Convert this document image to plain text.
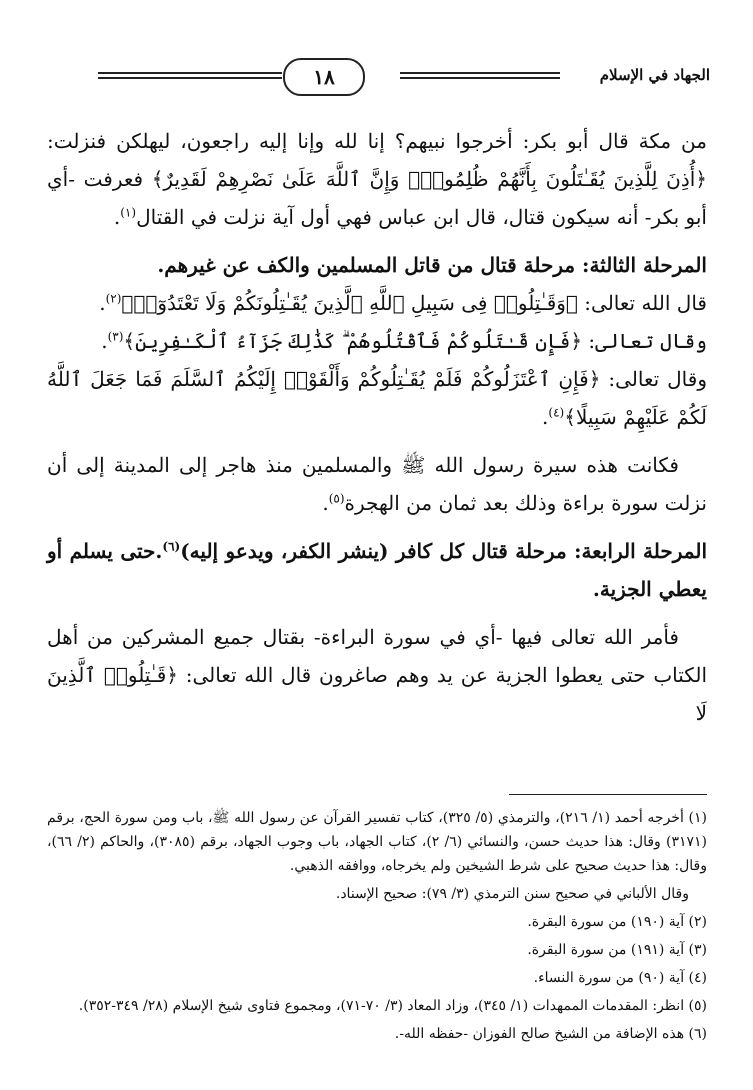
الجهاد في الإسلام
١٨

من مكة قال أبو بكر: أخرجوا نبيهم؟ إنا لله وإنا إليه راجعون، ليهلكن فنزلت: ﴿أُذِنَ لِلَّذِينَ يُقَـٰتَلُونَ بِأَنَّهُمْ ظُلِمُوا۟ۚ وَإِنَّ ٱللَّهَ عَلَىٰ نَصْرِهِمْ لَقَدِيرٌ﴾ فعرفت -أي أبو بكر- أنه سيكون قتال، قال ابن عباس فهي أول آية نزلت في القتال$^{(١)}$.

المرحلة الثالثة: مرحلة قتال من قاتل المسلمين والكف عن غيرهم.

قال الله تعالى: ﴿وَقَـٰتِلُوا۟ فِى سَبِيلِ ٱللَّهِ ٱلَّذِينَ يُقَـٰتِلُونَكُمْ وَلَا تَعْتَدُوٓا۟﴾$^{(٢)}$.

وقال تعالى: ﴿فَإِن قَـٰتَلُوكُمْ فَٱقْتُلُوهُمْ ۗ كَذَٰلِكَ جَزَآءُ ٱلْكَـٰفِرِينَ﴾$^{(٣)}$.

وقال تعالى: ﴿فَإِنِ ٱعْتَزَلُوكُمْ فَلَمْ يُقَـٰتِلُوكُمْ وَأَلْقَوْا۟ إِلَيْكُمُ ٱلسَّلَمَ فَمَا جَعَلَ ٱللَّهُ لَكُمْ عَلَيْهِمْ سَبِيلًا﴾$^{(٤)}$.

فكانت هذه سيرة رسول الله ﷺ والمسلمين منذ هاجر إلى المدينة إلى أن نزلت سورة براءة وذلك بعد ثمان من الهجرة$^{(٥)}$.

المرحلة الرابعة: مرحلة قتال كل كافر (ينشر الكفر، ويدعو إليه)$^{(٦)}$.حتى يسلم أو يعطي الجزية.

فأمر الله تعالى فيها -أي في سورة البراءة- بقتال جميع المشركين من أهل الكتاب حتى يعطوا الجزية عن يد وهم صاغرون قال الله تعالى: ﴿قَـٰتِلُوا۟ ٱلَّذِينَ لَا

(١) أخرجه أحمد (١/ ٢١٦)، والترمذي (٥/ ٣٢٥)، كتاب تفسير القرآن عن رسول الله ﷺ، باب ومن سورة الحج، برقم (٣١٧١) وقال: هذا حديث حسن، والنسائي (٦/ ٢)، كتاب الجهاد، باب وجوب الجهاد، برقم (٣٠٨٥)، والحاكم (٢/ ٦٦)، وقال: هذا حديث صحيح على شرط الشيخين ولم يخرجاه، ووافقه الذهبي.

وقال الألباني في صحيح سنن الترمذي (٣/ ٧٩): صحيح الإسناد.

(٢) آية (١٩٠) من سورة البقرة.

(٣) آية (١٩١) من سورة البقرة.

(٤) آية (٩٠) من سورة النساء.

(٥) انظر: المقدمات الممهدات (١/ ٣٤٥)، وزاد المعاد (٣/ ٧٠-٧١)، ومجموع فتاوى شيخ الإسلام (٢٨/ ٣٤٩-٣٥٢).

(٦) هذه الإضافة من الشيخ صالح الفوزان -حفظه الله-.
